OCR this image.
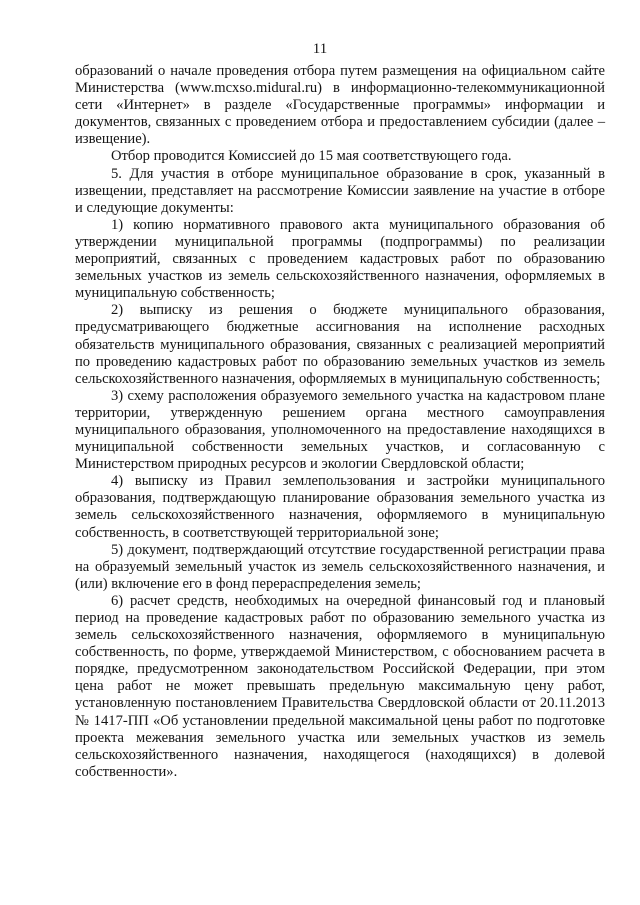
11

образований о начале проведения отбора путем размещения на официальном сайте Министерства (www.mcxso.midural.ru) в информационно-телекоммуникационной сети «Интернет» в разделе «Государственные программы» информации и документов, связанных с проведением отбора и предоставлением субсидии (далее – извещение).

Отбор проводится Комиссией до 15 мая соответствующего года.

5. Для участия в отборе муниципальное образование в срок, указанный в извещении, представляет на рассмотрение Комиссии заявление на участие в отборе и следующие документы:

1) копию нормативного правового акта муниципального образования об утверждении муниципальной программы (подпрограммы) по реализации мероприятий, связанных с проведением кадастровых работ по образованию земельных участков из земель сельскохозяйственного назначения, оформляемых в муниципальную собственность;

2) выписку из решения о бюджете муниципального образования, предусматривающего бюджетные ассигнования на исполнение расходных обязательств муниципального образования, связанных с реализацией мероприятий по проведению кадастровых работ по образованию земельных участков из земель сельскохозяйственного назначения, оформляемых в муниципальную собственность;

3) схему расположения образуемого земельного участка на кадастровом плане территории, утвержденную решением органа местного самоуправления муниципального образования, уполномоченного на предоставление находящихся в муниципальной собственности земельных участков, и согласованную с Министерством природных ресурсов и экологии Свердловской области;

4) выписку из Правил землепользования и застройки муниципального образования, подтверждающую планирование образования земельного участка из земель сельскохозяйственного назначения, оформляемого в муниципальную собственность, в соответствующей территориальной зоне;

5) документ, подтверждающий отсутствие государственной регистрации права на образуемый земельный участок из земель сельскохозяйственного назначения, и (или) включение его в фонд перераспределения земель;

6) расчет средств, необходимых на очередной финансовый год и плановый период на проведение кадастровых работ по образованию земельного участка из земель сельскохозяйственного назначения, оформляемого в муниципальную собственность, по форме, утверждаемой Министерством, с обоснованием расчета в порядке, предусмотренном законодательством Российской Федерации, при этом цена работ не может превышать предельную максимальную цену работ, установленную постановлением Правительства Свердловской области от 20.11.2013 № 1417-ПП «Об установлении предельной максимальной цены работ по подготовке проекта межевания земельного участка или земельных участков из земель сельскохозяйственного назначения, находящегося (находящихся) в долевой собственности».
